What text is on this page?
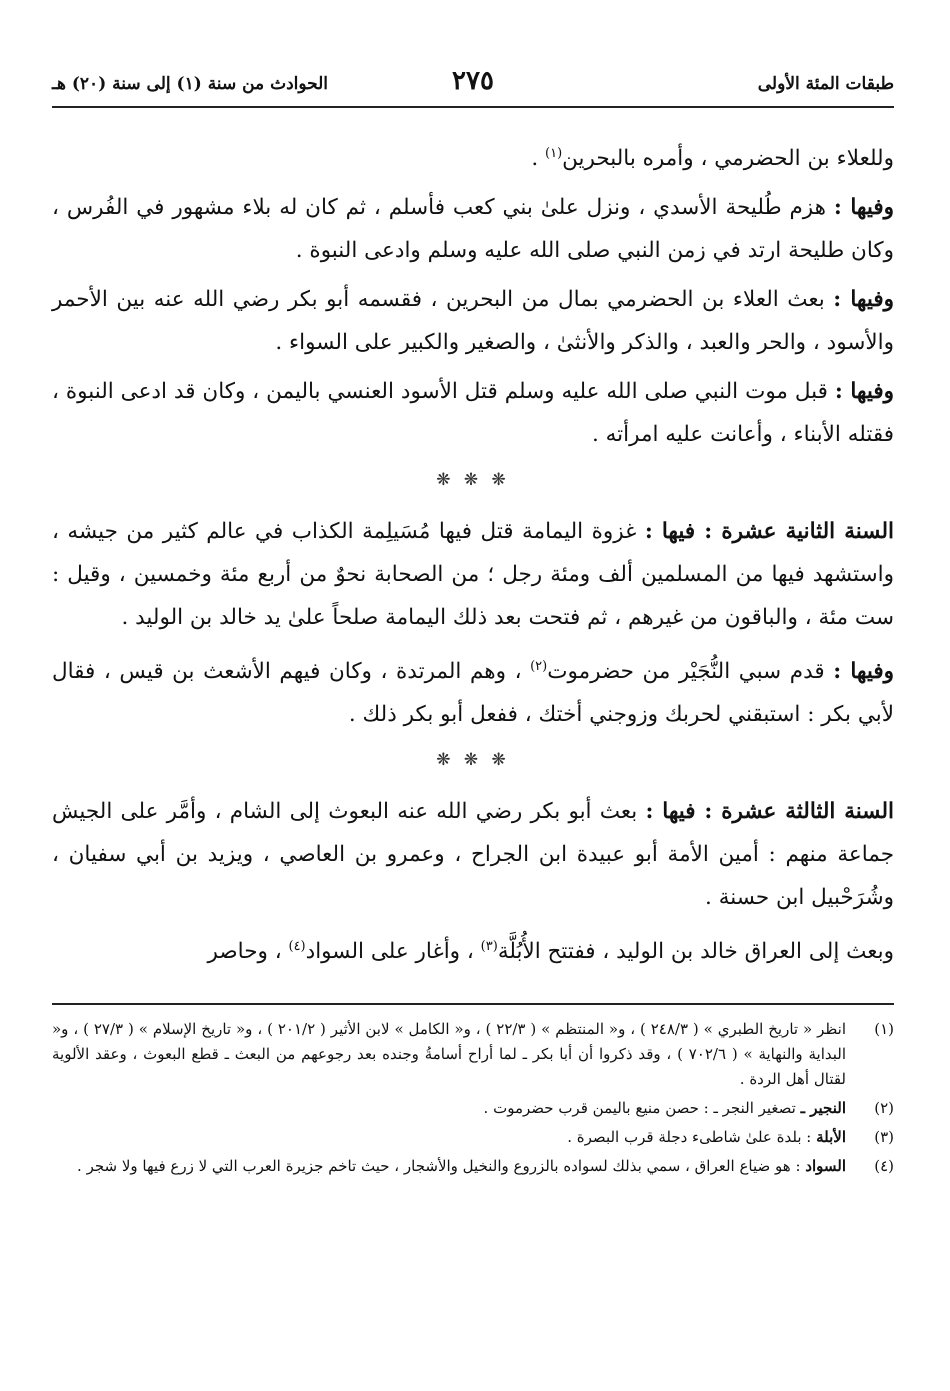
طبقات المئة الأولى
٢٧٥
الحوادث من سنة (١) إلى سنة (٢٠) هـ

وللعلاء بن الحضرمي ، وأمره بالبحرين$^{(١)}$ .

وفيها : هزم طُليحة الأسدي ، ونزل علىٰ بني كعب فأسلم ، ثم كان له بلاء مشهور في الفُرس ، وكان طليحة ارتد في زمن النبي صلى الله عليه وسلم وادعى النبوة .

وفيها : بعث العلاء بن الحضرمي بمال من البحرين ، فقسمه أبو بكر رضي الله عنه بين الأحمر والأسود ، والحر والعبد ، والذكر والأنثىٰ ، والصغير والكبير على السواء .

وفيها : قبل موت النبي صلى الله عليه وسلم قتل الأسود العنسي باليمن ، وكان قد ادعى النبوة ، فقتله الأبناء ، وأعانت عليه امرأته .

❋ ❋ ❋

السنة الثانية عشرة : فيها : غزوة اليمامة قتل فيها مُسَيلِمة الكذاب في عالم كثير من جيشه ، واستشهد فيها من المسلمين ألف ومئة رجل ؛ من الصحابة نحوٌ من أربع مئة وخمسين ، وقيل : ست مئة ، والباقون من غيرهم ، ثم فتحت بعد ذلك اليمامة صلحاً علىٰ يد خالد بن الوليد .

وفيها : قدم سبي النُّجَيْر من حضرموت$^{(٢)}$ ، وهم المرتدة ، وكان فيهم الأشعث بن قيس ، فقال لأبي بكر : استبقني لحربك وزوجني أختك ، ففعل أبو بكر ذلك .

❋ ❋ ❋

السنة الثالثة عشرة : فيها : بعث أبو بكر رضي الله عنه البعوث إلى الشام ، وأمَّر على الجيش جماعة منهم : أمين الأمة أبو عبيدة ابن الجراح ، وعمرو بن العاصي ، ويزيد بن أبي سفيان ، وشُرَحْبيل ابن حسنة .

وبعث إلى العراق خالد بن الوليد ، ففتتح الأُبُلَّة$^{(٣)}$ ، وأغار على السواد$^{(٤)}$ ، وحاصر

(١)
انظر « تاريخ الطبري » ( ٢٤٨/٣ ) ، و« المنتظم » ( ٢٢/٣ ) ، و« الكامل » لابن الأثير ( ٢٠١/٢ ) ، و« تاريخ الإسلام » ( ٢٧/٣ ) ، و« البداية والنهاية » ( ٧٠٢/٦ ) ، وقد ذكروا أن أبا بكر ـ لما أراح أسامةُ وجنده بعد رجوعهم من البعث ـ قطع البعوث ، وعقد الألوية لقتال أهل الردة .
(٢)
النجير ـ تصغير النجر ـ : حصن منيع باليمن قرب حضرموت .
(٣)
الأبلة : بلدة علىٰ شاطىء دجلة قرب البصرة .
(٤)
السواد : هو ضياع العراق ، سمي بذلك لسواده بالزروع والنخيل والأشجار ، حيث تاخم جزيرة العرب التي لا زرع فيها ولا شجر .
